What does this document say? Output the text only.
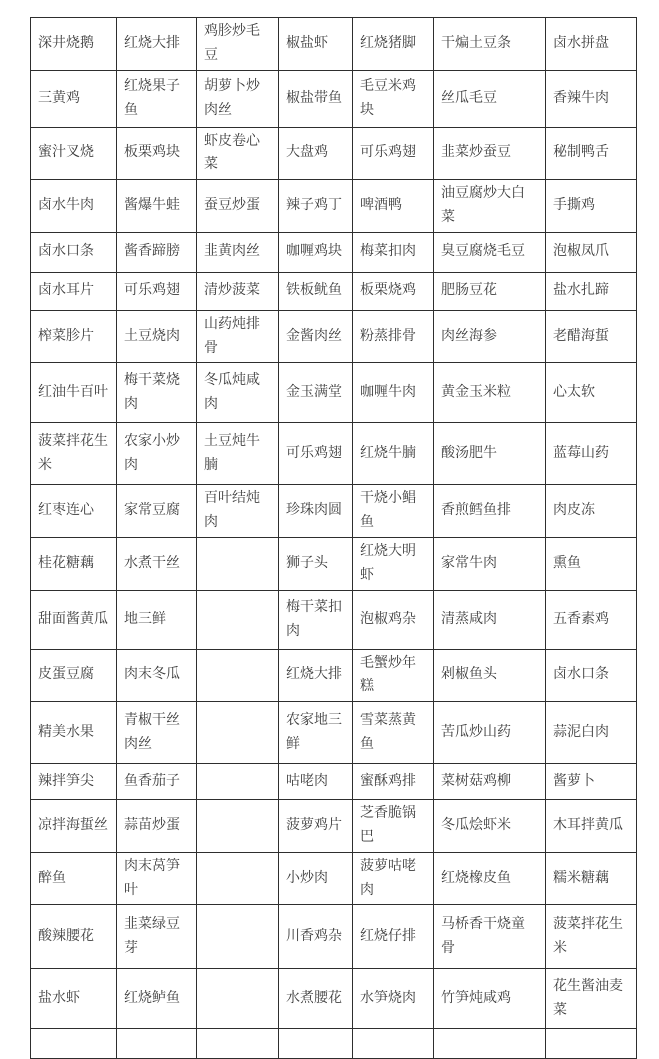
深井烧鹅	红烧大排	鸡胗炒毛豆	椒盐虾	红烧猪脚	干煸土豆条	卤水拼盘
三黄鸡	红烧果子鱼	胡萝卜炒肉丝	椒盐带鱼	毛豆米鸡块	丝瓜毛豆	香辣牛肉
蜜汁叉烧	板栗鸡块	虾皮卷心菜	大盘鸡	可乐鸡翅	韭菜炒蚕豆	秘制鸭舌
卤水牛肉	酱爆牛蛙	蚕豆炒蛋	辣子鸡丁	啤酒鸭	油豆腐炒大白菜	手撕鸡
卤水口条	酱香蹄膀	韭黄肉丝	咖喱鸡块	梅菜扣肉	臭豆腐烧毛豆	泡椒凤爪
卤水耳片	可乐鸡翅	清炒菠菜	铁板鱿鱼	板栗烧鸡	肥肠豆花	盐水扎蹄
榨菜胗片	土豆烧肉	山药炖排骨	金酱肉丝	粉蒸排骨	肉丝海参	老醋海蜇
红油牛百叶	梅干菜烧肉	冬瓜炖咸肉	金玉满堂	咖喱牛肉	黄金玉米粒	心太软
菠菜拌花生米	农家小炒肉	土豆炖牛腩	可乐鸡翅	红烧牛腩	酸汤肥牛	蓝莓山药
红枣连心	家常豆腐	百叶结炖肉	珍珠肉圆	干烧小鲳鱼	香煎鳕鱼排	肉皮冻
桂花糖藕	水煮干丝		狮子头	红烧大明虾	家常牛肉	熏鱼
甜面酱黄瓜	地三鲜		梅干菜扣肉	泡椒鸡杂	清蒸咸肉	五香素鸡
皮蛋豆腐	肉末冬瓜		红烧大排	毛蟹炒年糕	剁椒鱼头	卤水口条
精美水果	青椒干丝肉丝		农家地三鲜	雪菜蒸黄鱼	苦瓜炒山药	蒜泥白肉
辣拌笋尖	鱼香茄子		咕咾肉	蜜酥鸡排	菜树菇鸡柳	酱萝卜
凉拌海蜇丝	蒜苗炒蛋		菠萝鸡片	芝香脆锅巴	冬瓜烩虾米	木耳拌黄瓜
醉鱼	肉末莴笋叶		小炒肉	菠萝咕咾肉	红烧橡皮鱼	糯米糖藕
酸辣腰花	韭菜绿豆芽		川香鸡杂	红烧仔排	马桥香干烧童骨	菠菜拌花生米
盐水虾	红烧鲈鱼		水煮腰花	水笋烧肉	竹笋炖咸鸡	花生酱油麦菜
